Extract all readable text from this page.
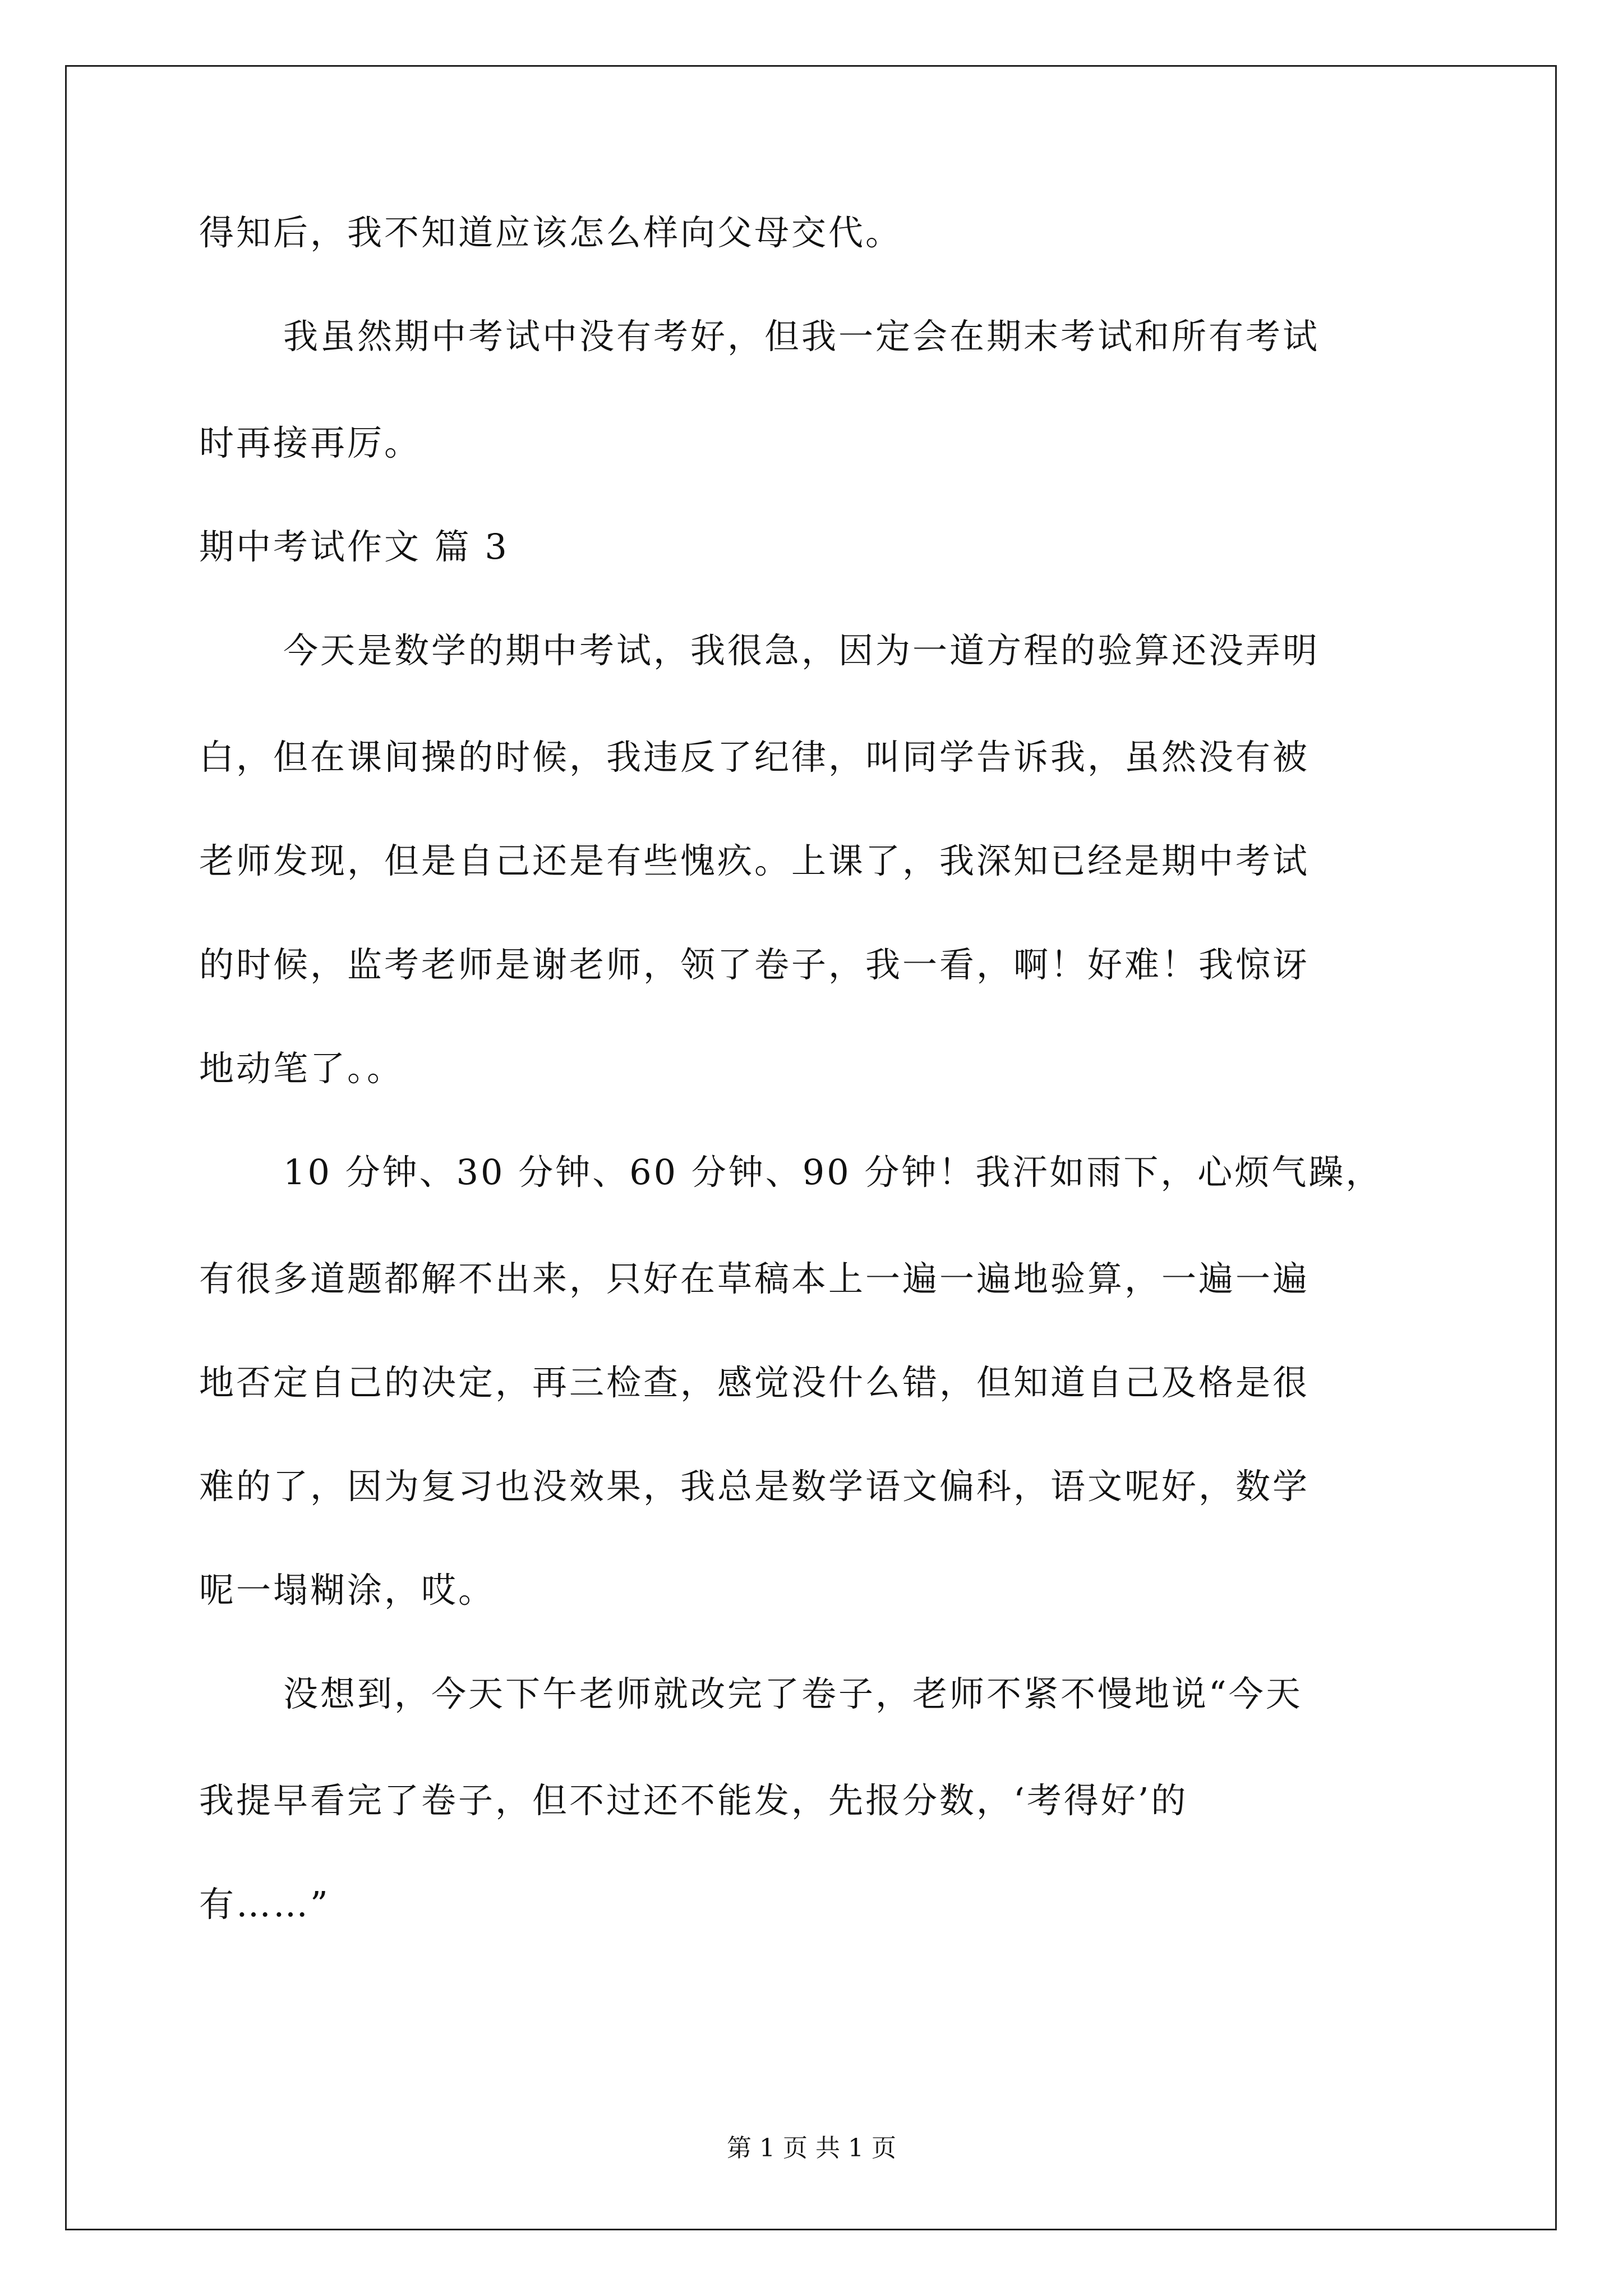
得知后，我不知道应该怎么样向父母交代。
我虽然期中考试中没有考好，但我一定会在期末考试和所有考试
时再接再厉。
期中考试作文 篇 3
今天是数学的期中考试，我很急，因为一道方程的验算还没弄明
白，但在课间操的时候，我违反了纪律，叫同学告诉我，虽然没有被
老师发现，但是自己还是有些愧疚。上课了，我深知已经是期中考试
的时候，监考老师是谢老师，领了卷子，我一看，啊！好难！我惊讶
地动笔了。。
10 分钟、30 分钟、60 分钟、90 分钟！我汗如雨下，心烦气躁，
有很多道题都解不出来，只好在草稿本上一遍一遍地验算，一遍一遍
地否定自己的决定，再三检查，感觉没什么错，但知道自己及格是很
难的了，因为复习也没效果，我总是数学语文偏科，语文呢好，数学
呢一塌糊涂，哎。
没想到，今天下午老师就改完了卷子，老师不紧不慢地说“今天
我提早看完了卷子，但不过还不能发，先报分数，‘考得好’的
有……”
第 1 页 共 1 页
